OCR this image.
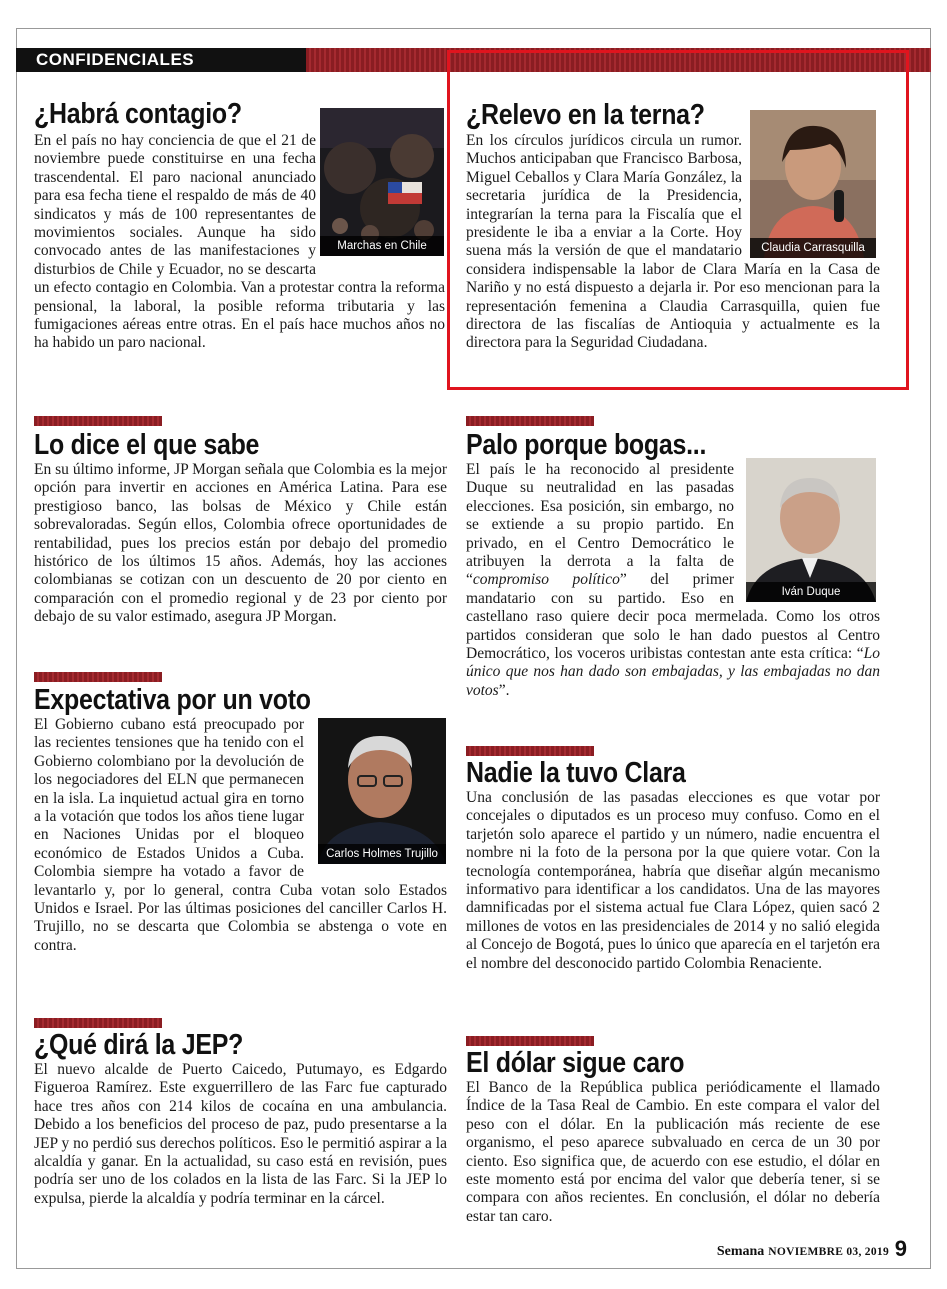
CONFIDENCIALES
¿Habrá contagio?

En el país no hay conciencia de que el 21 de noviembre puede constituirse en una fecha trascendental. El paro nacional anunciado para esa fecha tiene el respaldo de más de 40 sindicatos y más de 100 representantes de movimientos sociales. Aunque ha sido convocado antes de las manifestaciones y disturbios de Chile y Ecuador, no se descarta un efecto contagio en Colombia. Van a protestar contra la reforma pensional, la laboral, la posible reforma tributaria y las fumigaciones aéreas entre otras. En el país hace muchos años no ha habido un paro nacional.

Marchas en Chile
¿Relevo en la terna?

En los círculos jurídicos circula un rumor. Muchos anticipaban que Francisco Barbosa, Miguel Ceballos y Clara María González, la secretaria jurídica de la Presidencia, integrarían la terna para la Fiscalía que el presidente le iba a enviar a la Corte. Hoy suena más la versión de que el mandatario considera indispensable la labor de Clara María en la Casa de Nariño y no está dispuesto a dejarla ir. Por eso mencionan para la representación femenina a Claudia Carrasquilla, quien fue directora de las fiscalías de Antioquia y actualmente es la directora para la Seguridad Ciudadana.

Claudia Carrasquilla
Lo dice el que sabe

En su último informe, JP Morgan señala que Colombia es la mejor opción para invertir en acciones en América Latina. Para ese prestigioso banco, las bolsas de México y Chile están sobrevaloradas. Según ellos, Colombia ofrece oportunidades de rentabilidad, pues los precios están por debajo del promedio histórico de los últimos 15 años. Además, hoy las acciones colombianas se cotizan con un descuento de 20 por ciento en comparación con el promedio regional y de 23 por ciento por debajo de su valor estimado, asegura JP Morgan.

Palo porque bogas...

El país le ha reconocido al presidente Duque su neutralidad en las pasadas elecciones. Esa posición, sin embargo, no se extiende a su propio partido. En privado, en el Centro Democrático le atribuyen la derrota a la falta de “compromiso político” del primer mandatario con su partido. Eso en castellano raso quiere decir poca mermelada. Como los otros partidos consideran que solo le han dado puestos al Centro Democrático, los voceros uribistas contestan ante esta crítica: “Lo único que nos han dado son embajadas, y las embajadas no dan votos”.

Iván Duque
Expectativa por un voto

El Gobierno cubano está preocupado por las recientes tensiones que ha tenido con el Gobierno colombiano por la devolución de los negociadores del ELN que permanecen en la isla. La inquietud actual gira en torno a la votación que todos los años tiene lugar en Naciones Unidas por el bloqueo económico de Estados Unidos a Cuba. Colombia siempre ha votado a favor de levantarlo y, por lo general, contra Cuba votan solo Estados Unidos e Israel. Por las últimas posiciones del canciller Carlos H. Trujillo, no se descarta que Colombia se abstenga o vote en contra.

Carlos Holmes Trujillo
Nadie la tuvo Clara

Una conclusión de las pasadas elecciones es que votar por concejales o diputados es un proceso muy confuso. Como en el tarjetón solo aparece el partido y un número, nadie encuentra el nombre ni la foto de la persona por la que quiere votar. Con la tecnología contemporánea, habría que diseñar algún mecanismo informativo para identificar a los candidatos. Una de las mayores damnificadas por el sistema actual fue Clara López, quien sacó 2 millones de votos en las presidenciales de 2014 y no salió elegida al Concejo de Bogotá, pues lo único que aparecía en el tarjetón era el nombre del desconocido partido Colombia Renaciente.

¿Qué dirá la JEP?

El nuevo alcalde de Puerto Caicedo, Putumayo, es Edgardo Figueroa Ramírez. Este exguerrillero de las Farc fue capturado hace tres años con 214 kilos de cocaína en una ambulancia. Debido a los beneficios del proceso de paz, pudo presentarse a la JEP y no perdió sus derechos políticos. Eso le permitió aspirar a la alcaldía y ganar. En la actualidad, su caso está en revisión, pues podría ser uno de los colados en la lista de las Farc. Si la JEP lo expulsa, pierde la alcaldía y podría terminar en la cárcel.

El dólar sigue caro

El Banco de la República publica periódicamente el llamado Índice de la Tasa Real de Cambio. En este compara el valor del peso con el dólar. En la publicación más reciente de ese organismo, el peso aparece subvaluado en cerca de un 30 por ciento. Eso significa que, de acuerdo con ese estudio, el dólar en este momento está por encima del valor que debería tener, si se compara con años recientes. En conclusión, el dólar no debería estar tan caro.

Semana NOVIEMBRE 03, 2019 9
